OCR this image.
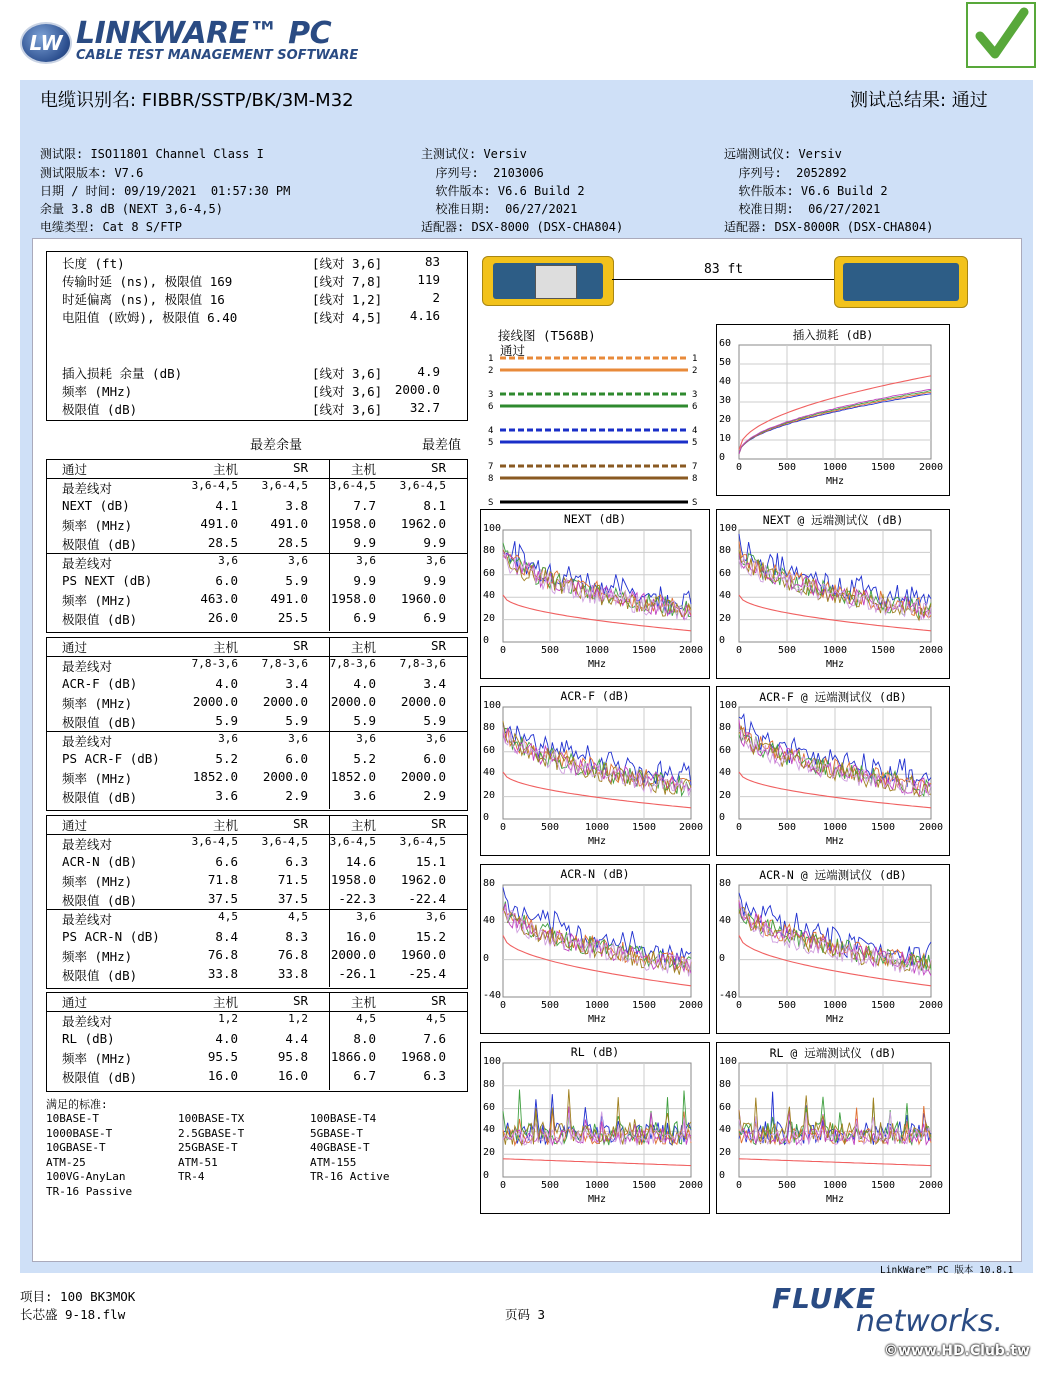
LW LINKWARE™ PC
CABLE TEST MANAGEMENT SOFTWARE
电缆识别名: FIBBR/SSTP/BK/3M-M32	测试总结果: 通过

测试限: ISO11801 Channel Class I
测试限版本: V7.6
日期 / 时间: 09/19/2021  01:57:30 PM
余量 3.8 dB (NEXT 3,6-4,5)
电缆类型: Cat 8 S/FTP

主测试仪: Versiv
序列号:  2103006
软件版本: V6.6 Build 2
校准日期:  06/27/2021
适配器: DSX-8000 (DSX-CHA804)

远端测试仪: Versiv
序列号:  2052892
软件版本: V6.6 Build 2
校准日期:  06/27/2021
适配器: DSX-8000R (DSX-CHA804)

长度 (ft)	[线对 3,6]	83
传输时延 (ns), 极限值 169	[线对 7,8]	119
时延偏离 (ns), 极限值 16	[线对 1,2]	2
电阻值 (欧姆), 极限值 6.40	[线对 4,5]	4.16
插入损耗 余量 (dB)	[线对 3,6]	4.9
频率 (MHz)	[线对 3,6] 2000.0
极限值 (dB)	[线对 3,6]	32.7
最差余量	最差值
通过	主机	SR	主机	SR
最差线对	3,6-4,5	3,6-4,5	3,6-4,5	3,6-4,5
NEXT (dB)	4.1	3.8	7.7	8.1
频率 (MHz)	491.0	491.0	1958.0	1962.0
极限值 (dB)	28.5	28.5	9.9	9.9
最差线对	3,6	3,6	3,6	3,6
PS NEXT (dB)	6.0	5.9	9.9	9.9
频率 (MHz)	463.0	491.0	1958.0	1960.0
极限值 (dB)	26.0	25.5	6.9	6.9
通过	主机	SR	主机	SR
最差线对	7,8-3,6	7,8-3,6	7,8-3,6	7,8-3,6
ACR-F (dB)	4.0	3.4	4.0	3.4
频率 (MHz)	2000.0	2000.0	2000.0	2000.0
极限值 (dB)	5.9	5.9	5.9	5.9
最差线对	3,6	3,6	3,6	3,6
PS ACR-F (dB)	5.2	6.0	5.2	6.0
频率 (MHz)	1852.0	2000.0	1852.0	2000.0
极限值 (dB)	3.6	2.9	3.6	2.9
通过	主机	SR	主机	SR
最差线对	3,6-4,5	3,6-4,5	3,6-4,5	3,6-4,5
ACR-N (dB)	6.6	6.3	14.6	15.1
频率 (MHz)	71.8	71.5	1958.0	1962.0
极限值 (dB)	37.5	37.5	-22.3	-22.4
最差线对	4,5	4,5	3,6	3,6
PS ACR-N (dB)	8.4	8.3	16.0	15.2
频率 (MHz)	76.8	76.8	2000.0	1960.0
极限值 (dB)	33.8	33.8	-26.1	-25.4
通过	主机	SR	主机	SR
最差线对	1,2	1,2	4,5	4,5
RL (dB)	4.0	4.4	8.0	7.6
频率 (MHz)	95.5	95.8	1866.0	1968.0
极限值 (dB)	16.0	16.0	6.7	6.3
满足的标准:
10BASE-T	100BASE-TX	100BASE-T4
1000BASE-T	2.5GBASE-T	5GBASE-T
10GBASE-T	25GBASE-T	40GBASE-T
ATM-25	ATM-51	ATM-155
100VG-AnyLan	TR-4	TR-16 Active
TR-16 Passive
83 ft
接线图 (T568B)
通过
1	1
2	2
3	3
6	6
4	4
5	5
7	7
8	8
S	S
插入损耗 (dB)
0
10
20
30
40
50
60
0	500	1000 1500 2000
MHz
NEXT (dB)
0
20
40
60
80
100
0	500	1000 1500 2000
MHz
NEXT @ 远端测试仪 (dB)
0
20
40
60
80
100
0	500	1000 1500 2000
MHz
ACR-F (dB)
0
20
40
60
80
100
0	500	1000 1500 2000
MHz
ACR-F @ 远端测试仪 (dB)
0
20
40
60
80
100
0	500	1000 1500 2000
MHz
ACR-N (dB)
-40
0
40
80
0	500	1000 1500 2000
MHz
ACR-N @ 远端测试仪 (dB)
-40
0
40
80
0	500	1000 1500 2000
MHz
RL (dB)
0
20
40
60
80
100
0	500	1000 1500 2000
MHz
RL @ 远端测试仪 (dB)
0
20
40
60
80
100
0	500	1000 1500 2000
MHz
LinkWare™ PC 版本 10.8.1
项目: 100 BK3MOK
长芯盛 9-18.flw	页码 3	FLUKE
networks.
©www.HD.Club.tw
